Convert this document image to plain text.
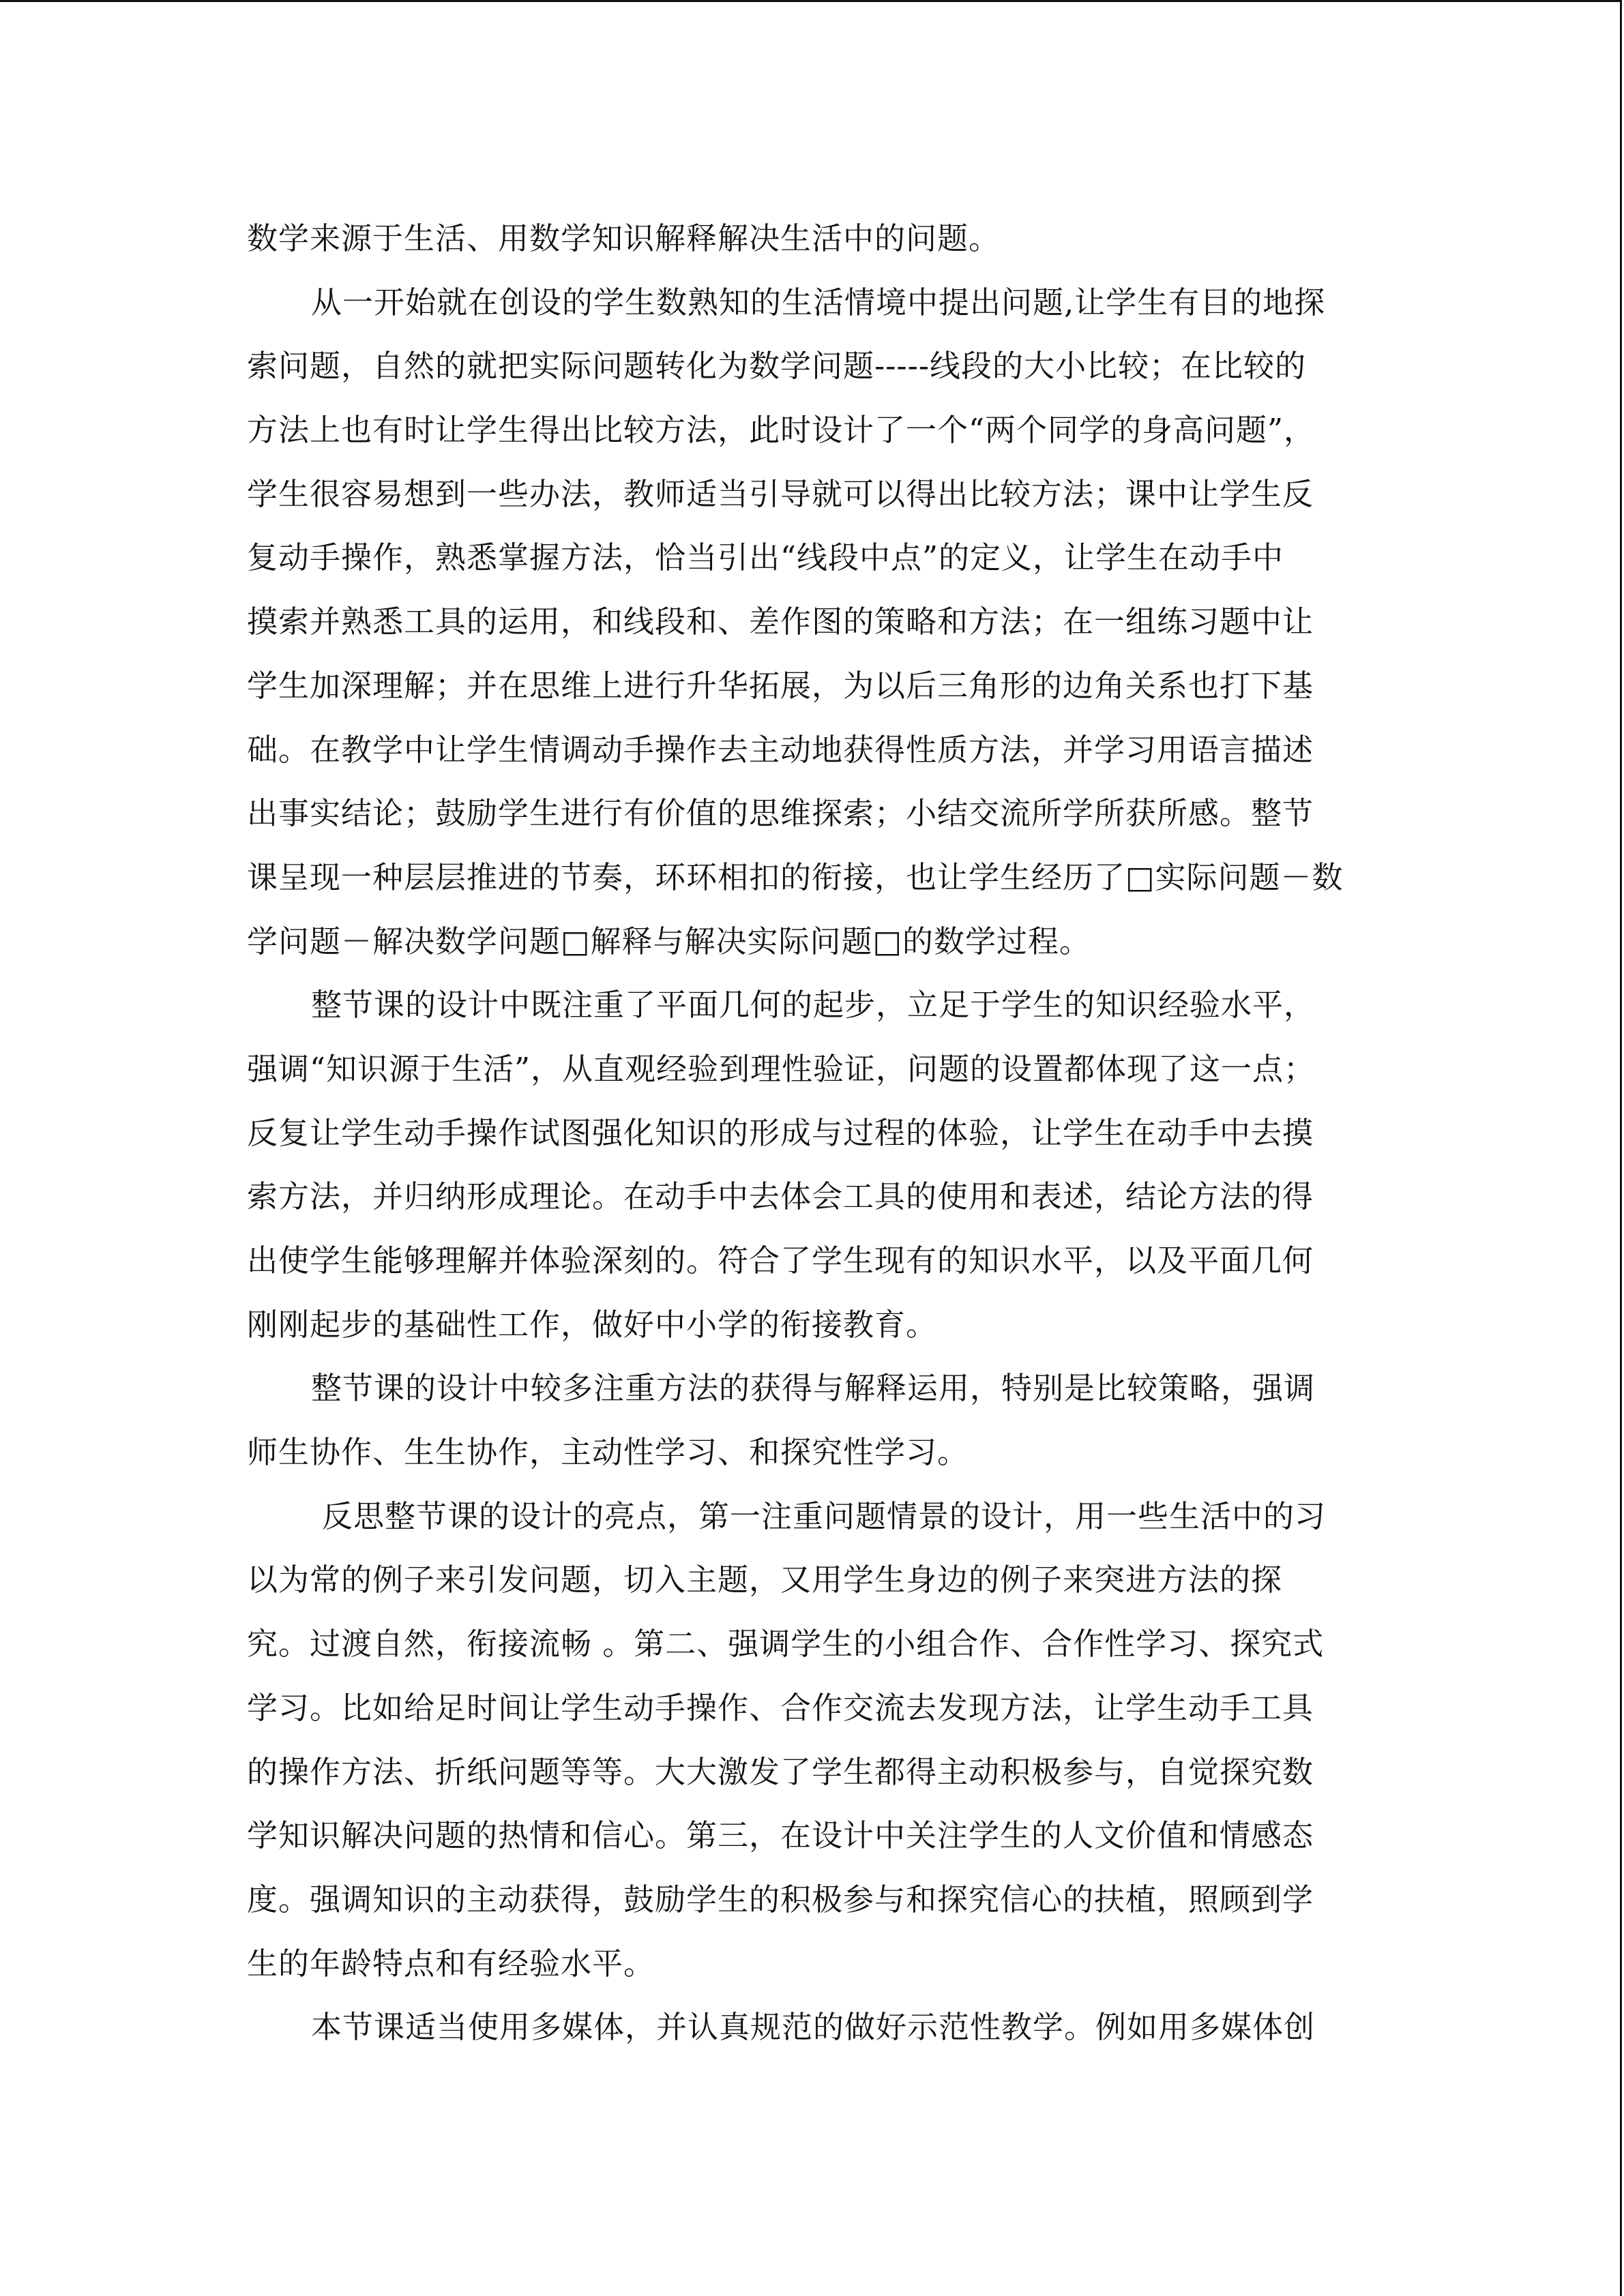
数学来源于生活、用数学知识解释解决生活中的问题。
从一开始就在创设的学生数熟知的生活情境中提出问题,让学生有目的地探
索问题，自然的就把实际问题转化为数学问题-----线段的大小比较；在比较的
方法上也有时让学生得出比较方法，此时设计了一个“两个同学的身高问题”，
学生很容易想到一些办法，教师适当引导就可以得出比较方法；课中让学生反
复动手操作，熟悉掌握方法，恰当引出“线段中点”的定义，让学生在动手中
摸索并熟悉工具的运用，和线段和、差作图的策略和方法；在一组练习题中让
学生加深理解；并在思维上进行升华拓展，为以后三角形的边角关系也打下基
础。在教学中让学生情调动手操作去主动地获得性质方法，并学习用语言描述
出事实结论；鼓励学生进行有价值的思维探索；小结交流所学所获所感。整节
课呈现一种层层推进的节奏，环环相扣的衔接，也让学生经历了□实际问题－数
学问题－解决数学问题□解释与解决实际问题□的数学过程。
整节课的设计中既注重了平面几何的起步，立足于学生的知识经验水平，
强调“知识源于生活”，从直观经验到理性验证，问题的设置都体现了这一点；
反复让学生动手操作试图强化知识的形成与过程的体验，让学生在动手中去摸
索方法，并归纳形成理论。在动手中去体会工具的使用和表述，结论方法的得
出使学生能够理解并体验深刻的。符合了学生现有的知识水平，以及平面几何
刚刚起步的基础性工作，做好中小学的衔接教育。
整节课的设计中较多注重方法的获得与解释运用，特别是比较策略，强调
师生协作、生生协作，主动性学习、和探究性学习。
反思整节课的设计的亮点，第一注重问题情景的设计，用一些生活中的习
以为常的例子来引发问题，切入主题，又用学生身边的例子来突进方法的探
究。过渡自然，衔接流畅 。第二、强调学生的小组合作、合作性学习、探究式
学习。比如给足时间让学生动手操作、合作交流去发现方法，让学生动手工具
的操作方法、折纸问题等等。大大激发了学生都得主动积极参与，自觉探究数
学知识解决问题的热情和信心。第三，在设计中关注学生的人文价值和情感态
度。强调知识的主动获得，鼓励学生的积极参与和探究信心的扶植，照顾到学
生的年龄特点和有经验水平。
本节课适当使用多媒体，并认真规范的做好示范性教学。例如用多媒体创
